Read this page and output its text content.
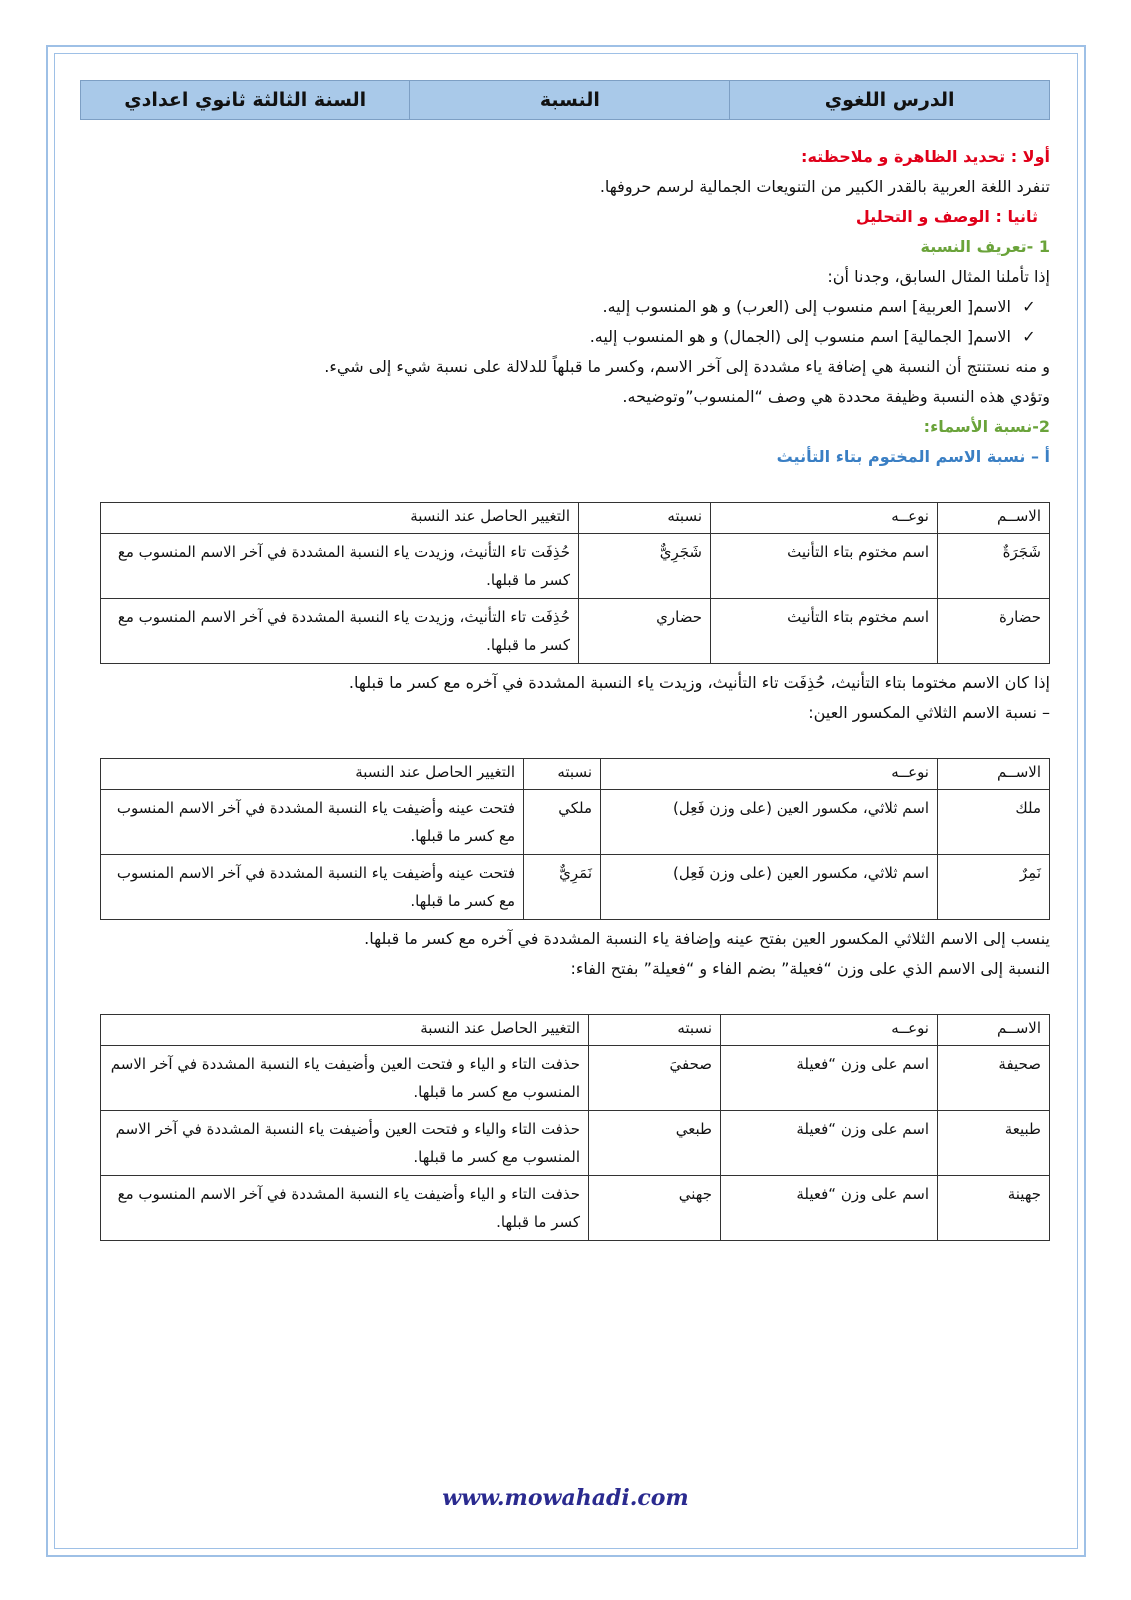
الدرس اللغوي	النسبة	السنة الثالثة ثانوي اعدادي
أولا : تحديد الظاهرة و ملاحظته:
تنفرد اللغة العربية بالقدر الكبير من التنويعات الجمالية لرسم حروفها.
ثانيا : الوصف و التحليل
1 -تعريف النسبة
إذا تأملنا المثال السابق، وجدنا أن:
✓ الاسم[ العربية] اسم منسوب إلى (العرب) و هو المنسوب إليه.
✓ الاسم[ الجمالية] اسم منسوب إلى (الجمال) و هو المنسوب إليه.
و منه نستنتج أن النسبة هي إضافة ياء مشددة إلى آخر الاسم، وكسر ما قبلهاً للدلالة على نسبة شيء إلى شيء.
وتؤدي هذه النسبة وظيفة محددة هي وصف “المنسوب”وتوضيحه.
2-نسبة الأسماء:
أ – نسبة الاسم المختوم بتاء التأنيث
الاســم	نوعــه	نسبته	التغيير الحاصل عند النسبة
شَجَرَةٌ	اسم مختوم بتاء التأنيث	شَجَرِيٌّ	حُذِفَت تاء التأنيث، وزيدت ياء النسبة المشددة في آخر الاسم المنسوب مع كسر ما قبلها.
حضارة	اسم مختوم بتاء التأنيث	حضاري	حُذِفَت تاء التأنيث، وزيدت ياء النسبة المشددة في آخر الاسم المنسوب مع كسر ما قبلها.
إذا كان الاسم مختوما بتاء التأنيث، حُذِفَت تاء التأنيث، وزيدت ياء النسبة المشددة في آخره مع كسر ما قبلها.
– نسبة الاسم الثلاثي المكسور العين:
الاســم	نوعــه	نسبته	التغيير الحاصل عند النسبة
ملك	اسم ثلاثي، مكسور العين (على وزن فَعِل)	ملكي	فتحت عينه وأضيفت ياء النسبة المشددة في آخر الاسم المنسوب مع كسر ما قبلها.
نَمِرٌ	اسم ثلاثي، مكسور العين (على وزن فَعِل)	نَمَرِيٌّ	فتحت عينه وأضيفت ياء النسبة المشددة في آخر الاسم المنسوب مع كسر ما قبلها.
ينسب إلى الاسم الثلاثي المكسور العين بفتح عينه وإضافة ياء النسبة المشددة في آخره مع كسر ما قبلها.
النسبة إلى الاسم الذي على وزن “فعيلة” بضم الفاء و “فعيلة” بفتح الفاء:
الاســم	نوعــه	نسبته	التغيير الحاصل عند النسبة
صحيفة	اسم على وزن “فعيلة	صحفيَ	حذفت التاء و الياء و فتحت العين وأضيفت ياء النسبة المشددة في آخر الاسم المنسوب مع كسر ما قبلها.
طبيعة	اسم على وزن “فعيلة	طبعي	حذفت التاء والياء و فتحت العين وأضيفت ياء النسبة المشددة في آخر الاسم المنسوب مع كسر ما قبلها.
جهينة	اسم على وزن “فعيلة	جهني	حذفت التاء و الياء وأضيفت ياء النسبة المشددة في آخر الاسم المنسوب مع كسر ما قبلها.
www.mowahadi.com
